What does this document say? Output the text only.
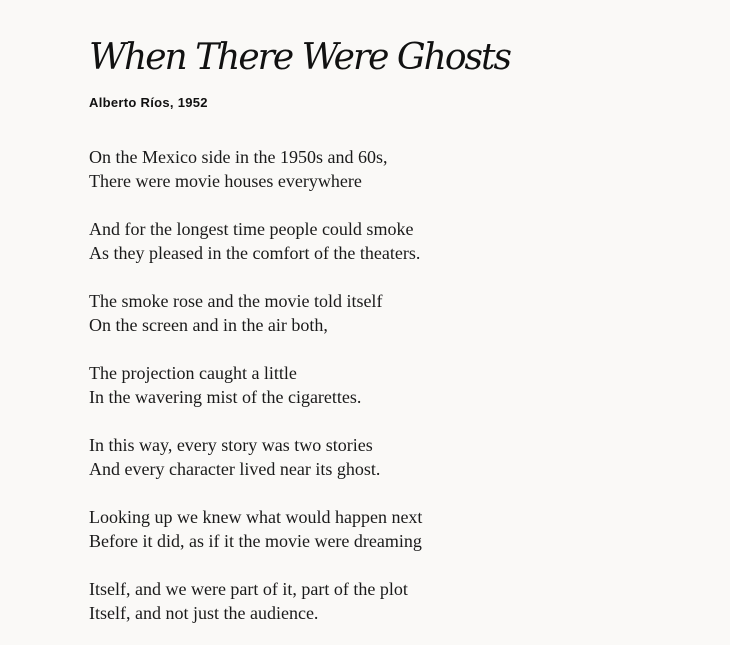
When There Were Ghosts
Alberto Ríos, 1952
On the Mexico side in the 1950s and 60s,
There were movie houses everywhere
And for the longest time people could smoke
As they pleased in the comfort of the theaters.
The smoke rose and the movie told itself
On the screen and in the air both,
The projection caught a little
In the wavering mist of the cigarettes.
In this way, every story was two stories
And every character lived near its ghost.
Looking up we knew what would happen next
Before it did, as if it the movie were dreaming
Itself, and we were part of it, part of the plot
Itself, and not just the audience.
